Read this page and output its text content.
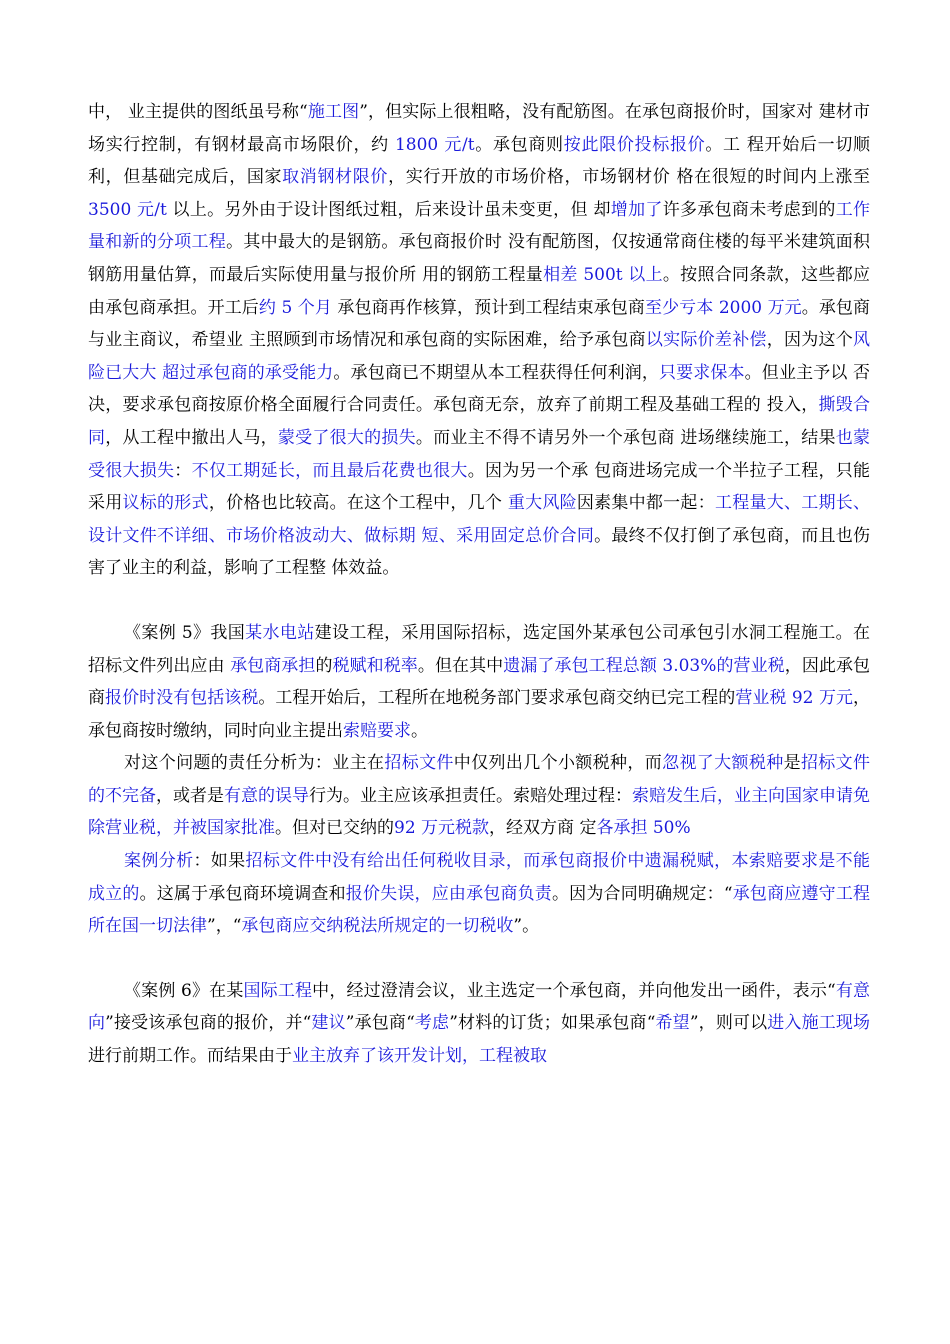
中， 业主提供的图纸虽号称“施工图”，但实际上很粗略，没有配筋图。在承包商报价时，国家对 建材市场实行控制，有钢材最高市场限价，约 1800 元/t。承包商则按此限价投标报价。工 程开始后一切顺利，但基础完成后，国家取消钢材限价，实行开放的市场价格，市场钢材价 格在很短的时间内上涨至 3500 元/t 以上。另外由于设计图纸过粗，后来设计虽未变更，但 却增加了许多承包商未考虑到的工作量和新的分项工程。其中最大的是钢筋。承包商报价时 没有配筋图，仅按通常商住楼的每平米建筑面积钢筋用量估算，而最后实际使用量与报价所 用的钢筋工程量相差 500t 以上。按照合同条款，这些都应由承包商承担。开工后约 5 个月 承包商再作核算，预计到工程结束承包商至少亏本 2000 万元。承包商与业主商议，希望业 主照顾到市场情况和承包商的实际困难，给予承包商以实际价差补偿，因为这个风险已大大 超过承包商的承受能力。承包商已不期望从本工程获得任何利润，只要求保本。但业主予以 否决，要求承包商按原价格全面履行合同责任。承包商无奈，放弃了前期工程及基础工程的 投入，撕毁合同，从工程中撤出人马，蒙受了很大的损失。而业主不得不请另外一个承包商 进场继续施工，结果也蒙受很大损失：不仅工期延长，而且最后花费也很大。因为另一个承 包商进场完成一个半拉子工程，只能采用议标的形式，价格也比较高。在这个工程中，几个 重大风险因素集中都一起：工程量大、工期长、设计文件不详细、市场价格波动大、做标期 短、采用固定总价合同。最终不仅打倒了承包商，而且也伤害了业主的利益，影响了工程整 体效益。

《案例 5》我国某水电站建设工程，采用国际招标，选定国外某承包公司承包引水洞工程施工。在招标文件列出应由 承包商承担的税赋和税率。但在其中遗漏了承包工程总额 3.03%的营业税，因此承包商报价时没有包括该税。工程开始后，工程所在地税务部门要求承包商交纳已完工程的营业税 92 万元，承包商按时缴纳，同时向业主提出索赔要求。

对这个问题的责任分析为：业主在招标文件中仅列出几个小额税种，而忽视了大额税种是招标文件的不完备，或者是有意的误导行为。业主应该承担责任。索赔处理过程：索赔发生后，业主向国家申请免除营业税，并被国家批准。但对已交纳的92 万元税款，经双方商 定各承担 50%

案例分析：如果招标文件中没有给出任何税收目录，而承包商报价中遗漏税赋，本索赔要求是不能成立的。这属于承包商环境调查和报价失误，应由承包商负责。因为合同明确规定：“承包商应遵守工程所在国一切法律”，“承包商应交纳税法所规定的一切税收”。

《案例 6》在某国际工程中，经过澄清会议，业主选定一个承包商，并向他发出一函件，表示“有意向”接受该承包商的报价，并“建议”承包商“考虑”材料的订货；如果承包商“希望”，则可以进入施工现场进行前期工作。而结果由于业主放弃了该开发计划，工程被取
